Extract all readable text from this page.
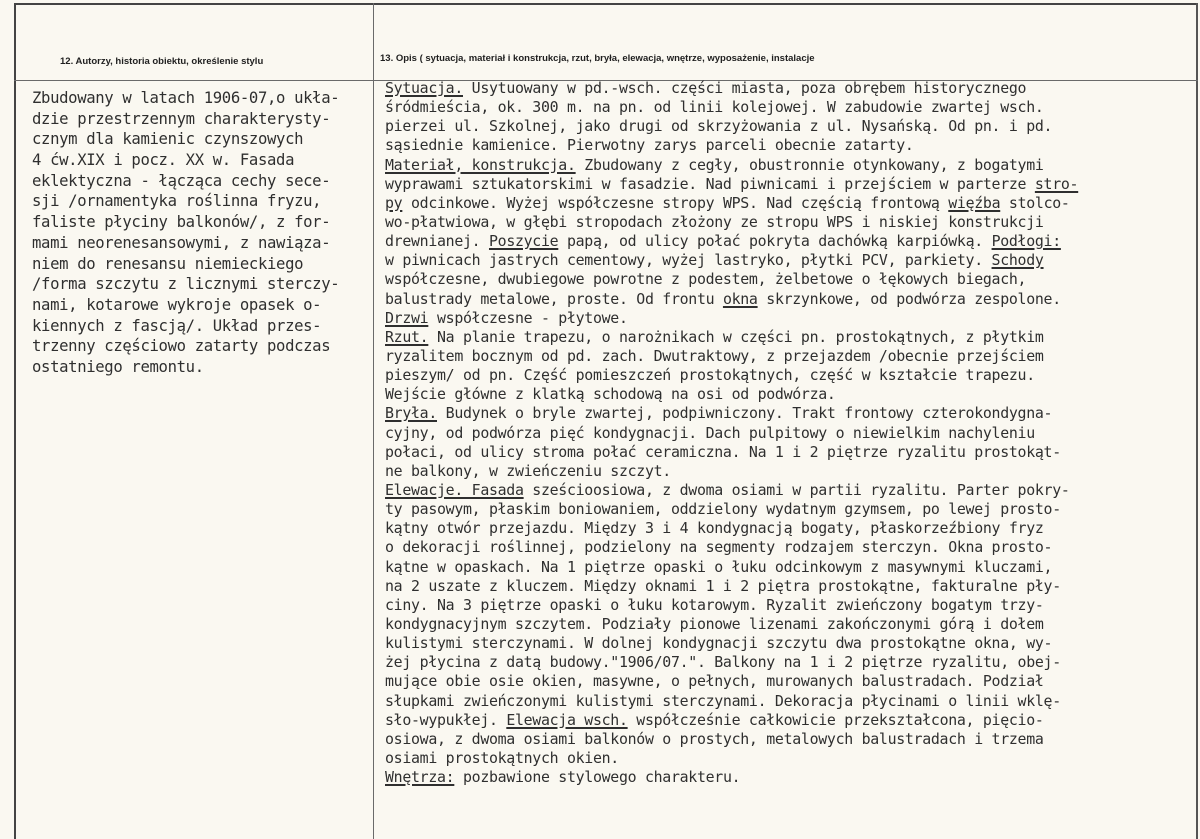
12. Autorzy, historia obiektu, określenie stylu	13. Opis ( sytuacja, materiał i konstrukcja, rzut, bryła, elewacja, wnętrze, wyposażenie, instalacje
Zbudowany w latach 1906-07,o ukła-
dzie przestrzennym charakterysty-
cznym dla kamienic czynszowych
4 ćw.XIX i pocz. XX w. Fasada
eklektyczna - łącząca cechy sece-
sji /ornamentyka roślinna fryzu,
faliste płyciny balkonów/, z for-
mami neorenesansowymi, z nawiąza-
niem do renesansu niemieckiego
/forma szczytu z licznymi sterczy-
nami, kotarowe wykroje opasek o-
kiennych z fascją/. Układ przes-
trzenny częściowo zatarty podczas
ostatniego remontu.
Sytuacja. Usytuowany w pd.-wsch. części miasta, poza obrębem historycznego
śródmieścia, ok. 300 m. na pn. od linii kolejowej. W zabudowie zwartej wsch.
pierzei ul. Szkolnej, jako drugi od skrzyżowania z ul. Nysańską. Od pn. i pd.
sąsiednie kamienice. Pierwotny zarys parceli obecnie zatarty.
Materiał, konstrukcja. Zbudowany z cegły, obustronnie otynkowany, z bogatymi
wyprawami sztukatorskimi w fasadzie. Nad piwnicami i przejściem w parterze stro-
py odcinkowe. Wyżej współczesne stropy WPS. Nad częścią frontową więźba stolco-
wo-płatwiowa, w głębi stropodach złożony ze stropu WPS i niskiej konstrukcji
drewnianej. Poszycie papą, od ulicy połać pokryta dachówką karpiówką. Podłogi:
w piwnicach jastrych cementowy, wyżej lastryko, płytki PCV, parkiety. Schody
współczesne, dwubiegowe powrotne z podestem, żelbetowe o łękowych biegach,
balustrady metalowe, proste. Od frontu okna skrzynkowe, od podwórza zespolone.
Drzwi współczesne - płytowe.
Rzut. Na planie trapezu, o narożnikach w części pn. prostokątnych, z płytkim
ryzalitem bocznym od pd. zach. Dwutraktowy, z przejazdem /obecnie przejściem
pieszym/ od pn. Część pomieszczeń prostokątnych, część w kształcie trapezu.
Wejście główne z klatką schodową na osi od podwórza.
Bryła. Budynek o bryle zwartej, podpiwniczony. Trakt frontowy czterokondygna-
cyjny, od podwórza pięć kondygnacji. Dach pulpitowy o niewielkim nachyleniu
połaci, od ulicy stroma połać ceramiczna. Na 1 i 2 piętrze ryzalitu prostokąt-
ne balkony, w zwieńczeniu szczyt.
Elewacje. Fasada sześcioosiowa, z dwoma osiami w partii ryzalitu. Parter pokry-
ty pasowym, płaskim boniowaniem, oddzielony wydatnym gzymsem, po lewej prosto-
kątny otwór przejazdu. Między 3 i 4 kondygnacją bogaty, płaskorzeźbiony fryz
o dekoracji roślinnej, podzielony na segmenty rodzajem sterczyn. Okna prosto-
kątne w opaskach. Na 1 piętrze opaski o łuku odcinkowym z masywnymi kluczami,
na 2 uszate z kluczem. Między oknami 1 i 2 piętra prostokątne, fakturalne pły-
ciny. Na 3 piętrze opaski o łuku kotarowym. Ryzalit zwieńczony bogatym trzy-
kondygnacyjnym szczytem. Podziały pionowe lizenami zakończonymi górą i dołem
kulistymi sterczynami. W dolnej kondygnacji szczytu dwa prostokątne okna, wy-
żej płycina z datą budowy."1906/07.". Balkony na 1 i 2 piętrze ryzalitu, obej-
mujące obie osie okien, masywne, o pełnych, murowanych balustradach. Podział
słupkami zwieńczonymi kulistymi sterczynami. Dekoracja płycinami o linii wklę-
sło-wypukłej. Elewacja wsch. współcześnie całkowicie przekształcona, pięcio-
osiowa, z dwoma osiami balkonów o prostych, metalowych balustradach i trzema
osiami prostokątnych okien.
Wnętrza: pozbawione stylowego charakteru.
